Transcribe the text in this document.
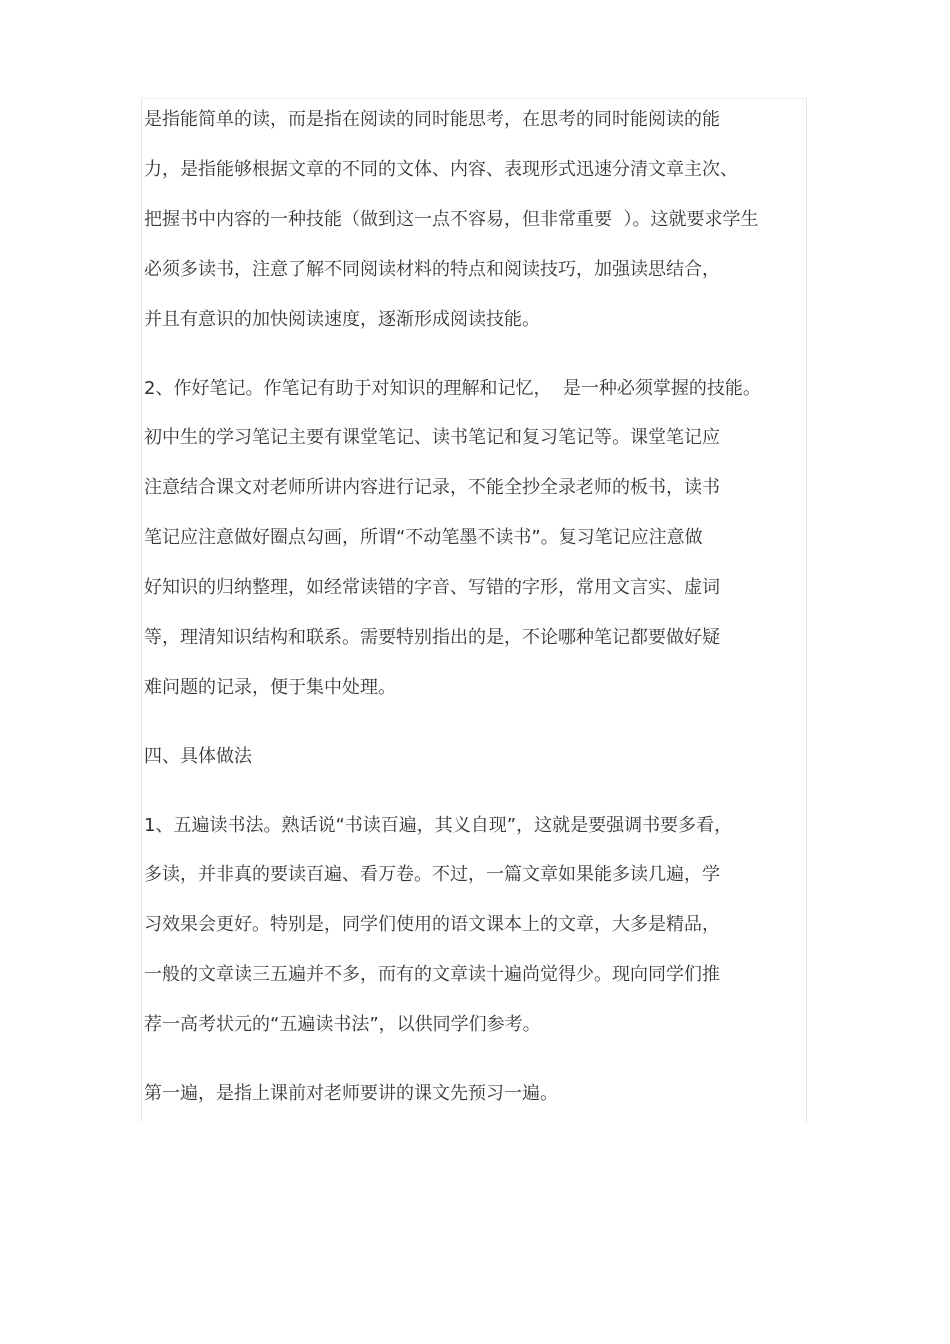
是指能简单的读，而是指在阅读的同时能思考，在思考的同时能阅读的能
力，是指能够根据文章的不同的文体、内容、表现形式迅速分清文章主次、
把握书中内容的一种技能（做到这一点不容易，但非常重要  ）。这就要求学生
必须多读书，注意了解不同阅读材料的特点和阅读技巧，加强读思结合，
并且有意识的加快阅读速度，逐渐形成阅读技能。
2、作好笔记。作笔记有助于对知识的理解和记忆，  是一种必须掌握的技能。
初中生的学习笔记主要有课堂笔记、读书笔记和复习笔记等。课堂笔记应
注意结合课文对老师所讲内容进行记录，不能全抄全录老师的板书，读书
笔记应注意做好圈点勾画，所谓“不动笔墨不读书”。复习笔记应注意做
好知识的归纳整理，如经常读错的字音、写错的字形，常用文言实、虚词
等，理清知识结构和联系。需要特别指出的是，不论哪种笔记都要做好疑
难问题的记录，便于集中处理。
四、具体做法
1、五遍读书法。熟话说“书读百遍，其义自现”，这就是要强调书要多看，
多读，并非真的要读百遍、看万卷。不过，一篇文章如果能多读几遍，学
习效果会更好。特别是，同学们使用的语文课本上的文章，大多是精品，
一般的文章读三五遍并不多，而有的文章读十遍尚觉得少。现向同学们推
荐一高考状元的“五遍读书法”，以供同学们参考。
第一遍，是指上课前对老师要讲的课文先预习一遍。
